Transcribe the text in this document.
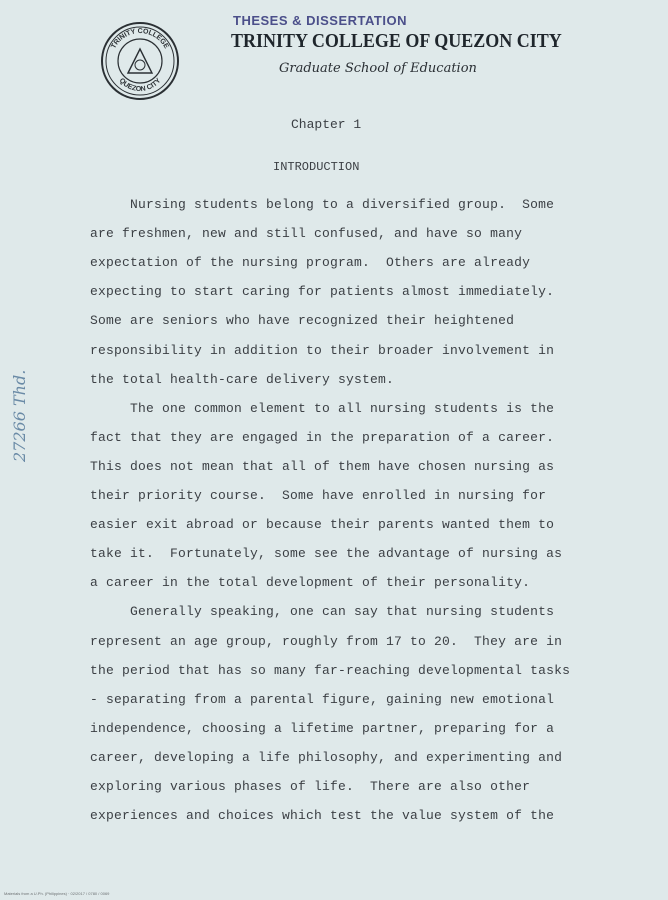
TRINITY COLLEGE
QUEZON CITY
THESES & DISSERTATION
TRINITY COLLEGE OF QUEZON CITY
Graduate School of Education
Chapter 1
INTRODUCTION
Nursing students belong to a diversified group.  Some
are freshmen, new and still confused, and have so many
expectation of the nursing program.  Others are already
expecting to start caring for patients almost immediately.
Some are seniors who have recognized their heightened
responsibility in addition to their broader involvement in
the total health-care delivery system.
The one common element to all nursing students is the
fact that they are engaged in the preparation of a career.
This does not mean that all of them have chosen nursing as
their priority course.  Some have enrolled in nursing for
easier exit abroad or because their parents wanted them to
take it.  Fortunately, some see the advantage of nursing as
a career in the total development of their personality.
Generally speaking, one can say that nursing students
represent an age group, roughly from 17 to 20.  They are in
the period that has so many far-reaching developmental tasks
- separating from a parental figure, gaining new emotional
independence, choosing a lifetime partner, preparing for a
career, developing a life philosophy, and experimenting and
exploring various phases of life.  There are also other
experiences and choices which test the value system of the
27266 Thd.
Materials from a U.Ph. (Philippines) · 02/2017 / 0780 / 0069
